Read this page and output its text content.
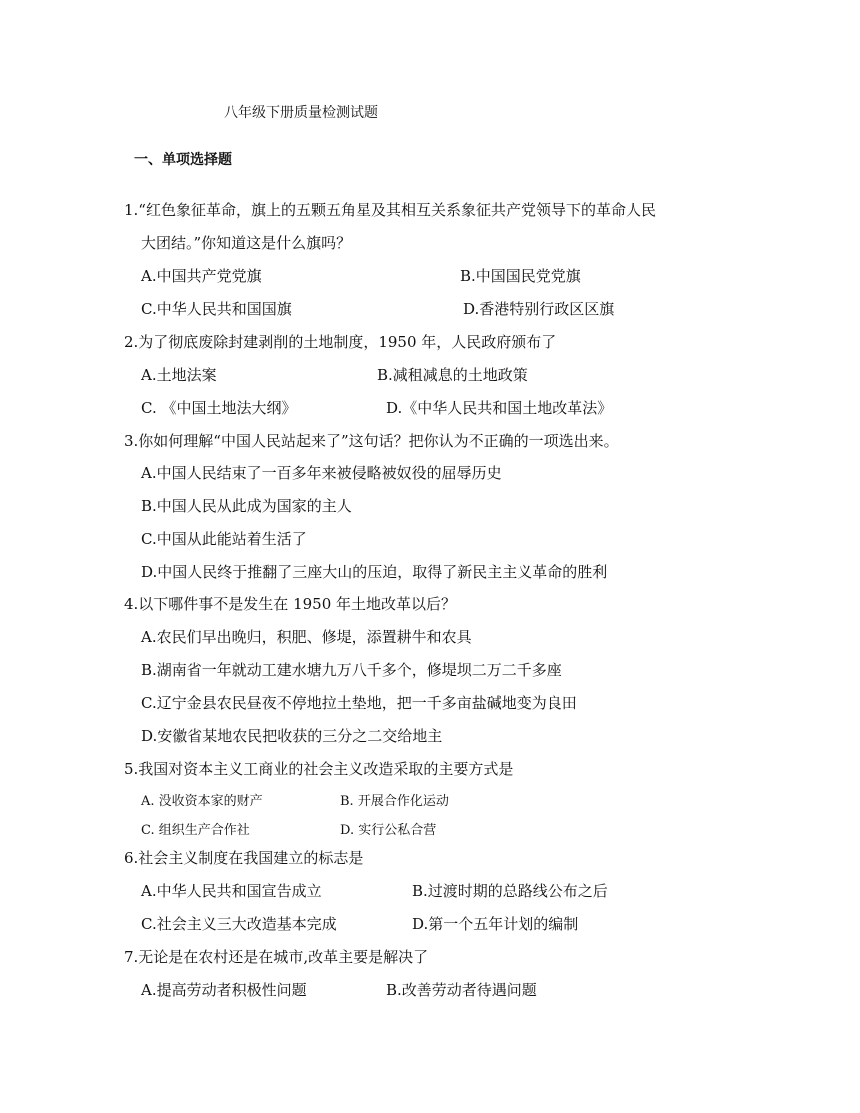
八年级下册质量检测试题
一、单项选择题
1.“红色象征革命，旗上的五颗五角星及其相互关系象征共产党领导下的革命人民
大团结。”你知道这是什么旗吗？
A.中国共产党党旗	B.中国国民党党旗
C.中华人民共和国国旗	D.香港特别行政区区旗
2.为了彻底废除封建剥削的土地制度，1950 年，人民政府颁布了
A.土地法案	B.减租减息的土地政策
C. 《中国土地法大纲》	D.《中华人民共和国土地改革法》
3.你如何理解“中国人民站起来了”这句话？把你认为不正确的一项选出来。
A.中国人民结束了一百多年来被侵略被奴役的屈辱历史
B.中国人民从此成为国家的主人
C.中国从此能站着生活了
D.中国人民终于推翻了三座大山的压迫，取得了新民主主义革命的胜利
4.以下哪件事不是发生在 1950 年土地改革以后？
A.农民们早出晚归，积肥、修堤，添置耕牛和农具
B.湖南省一年就动工建水塘九万八千多个，修堤坝二万二千多座
C.辽宁金县农民昼夜不停地拉土垫地，把一千多亩盐碱地变为良田
D.安徽省某地农民把收获的三分之二交给地主
5.我国对资本主义工商业的社会主义改造采取的主要方式是
A. 没收资本家的财产	B. 开展合作化运动
C. 组织生产合作社	D. 实行公私合营
6.社会主义制度在我国建立的标志是
A.中华人民共和国宣告成立	B.过渡时期的总路线公布之后
C.社会主义三大改造基本完成	D.第一个五年计划的编制
7.无论是在农村还是在城市,改革主要是解决了
A.提高劳动者积极性问题	B.改善劳动者待遇问题
